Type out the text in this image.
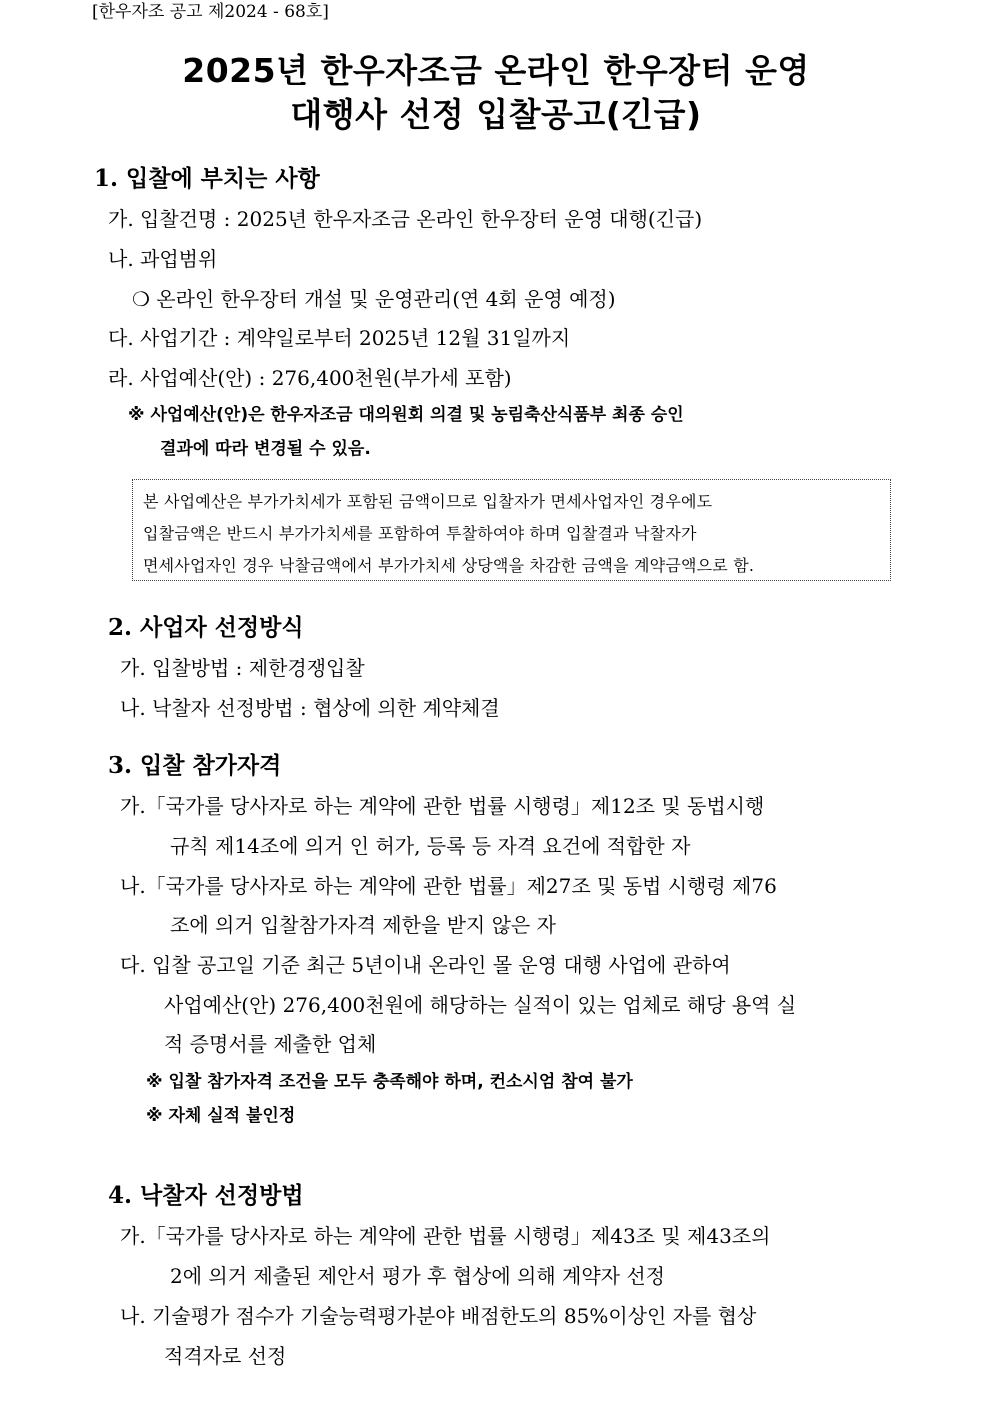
[한우자조 공고 제2024 - 68호]
2025년 한우자조금 온라인 한우장터 운영
대행사 선정 입찰공고(긴급)
1. 입찰에 부치는 사항
가. 입찰건명 : 2025년 한우자조금 온라인 한우장터 운영 대행(긴급)
나. 과업범위
❍ 온라인 한우장터 개설 및 운영관리(연 4회 운영 예정)
다. 사업기간 : 계약일로부터 2025년 12월 31일까지
라. 사업예산(안) : 276,400천원(부가세 포함)
※ 사업예산(안)은 한우자조금 대의원회 의결 및 농림축산식품부 최종 승인
결과에 따라 변경될 수 있음.
본 사업예산은 부가가치세가 포함된 금액이므로 입찰자가 면세사업자인 경우에도
입찰금액은 반드시 부가가치세를 포함하여 투찰하여야 하며 입찰결과 낙찰자가
면세사업자인 경우 낙찰금액에서 부가가치세 상당액을 차감한 금액을 계약금액으로 함.
2. 사업자 선정방식
가. 입찰방법 : 제한경쟁입찰
나. 낙찰자 선정방법 : 협상에 의한 계약체결
3. 입찰 참가자격
가.「국가를 당사자로 하는 계약에 관한 법률 시행령」제12조 및 동법시행
규칙 제14조에 의거 인 허가, 등록 등 자격 요건에 적합한 자
나.「국가를 당사자로 하는 계약에 관한 법률」제27조 및 동법 시행령 제76
조에 의거 입찰참가자격 제한을 받지 않은 자
다. 입찰 공고일 기준 최근 5년이내 온라인 몰 운영 대행 사업에 관하여
사업예산(안) 276,400천원에 해당하는 실적이 있는 업체로 해당 용역 실
적 증명서를 제출한 업체
※ 입찰 참가자격 조건을 모두 충족해야 하며, 컨소시엄 참여 불가
※ 자체 실적 불인정
4. 낙찰자 선정방법
가.「국가를 당사자로 하는 계약에 관한 법률 시행령」제43조 및 제43조의
2에 의거 제출된 제안서 평가 후 협상에 의해 계약자 선정
나. 기술평가 점수가 기술능력평가분야 배점한도의 85%이상인 자를 협상
적격자로 선정
